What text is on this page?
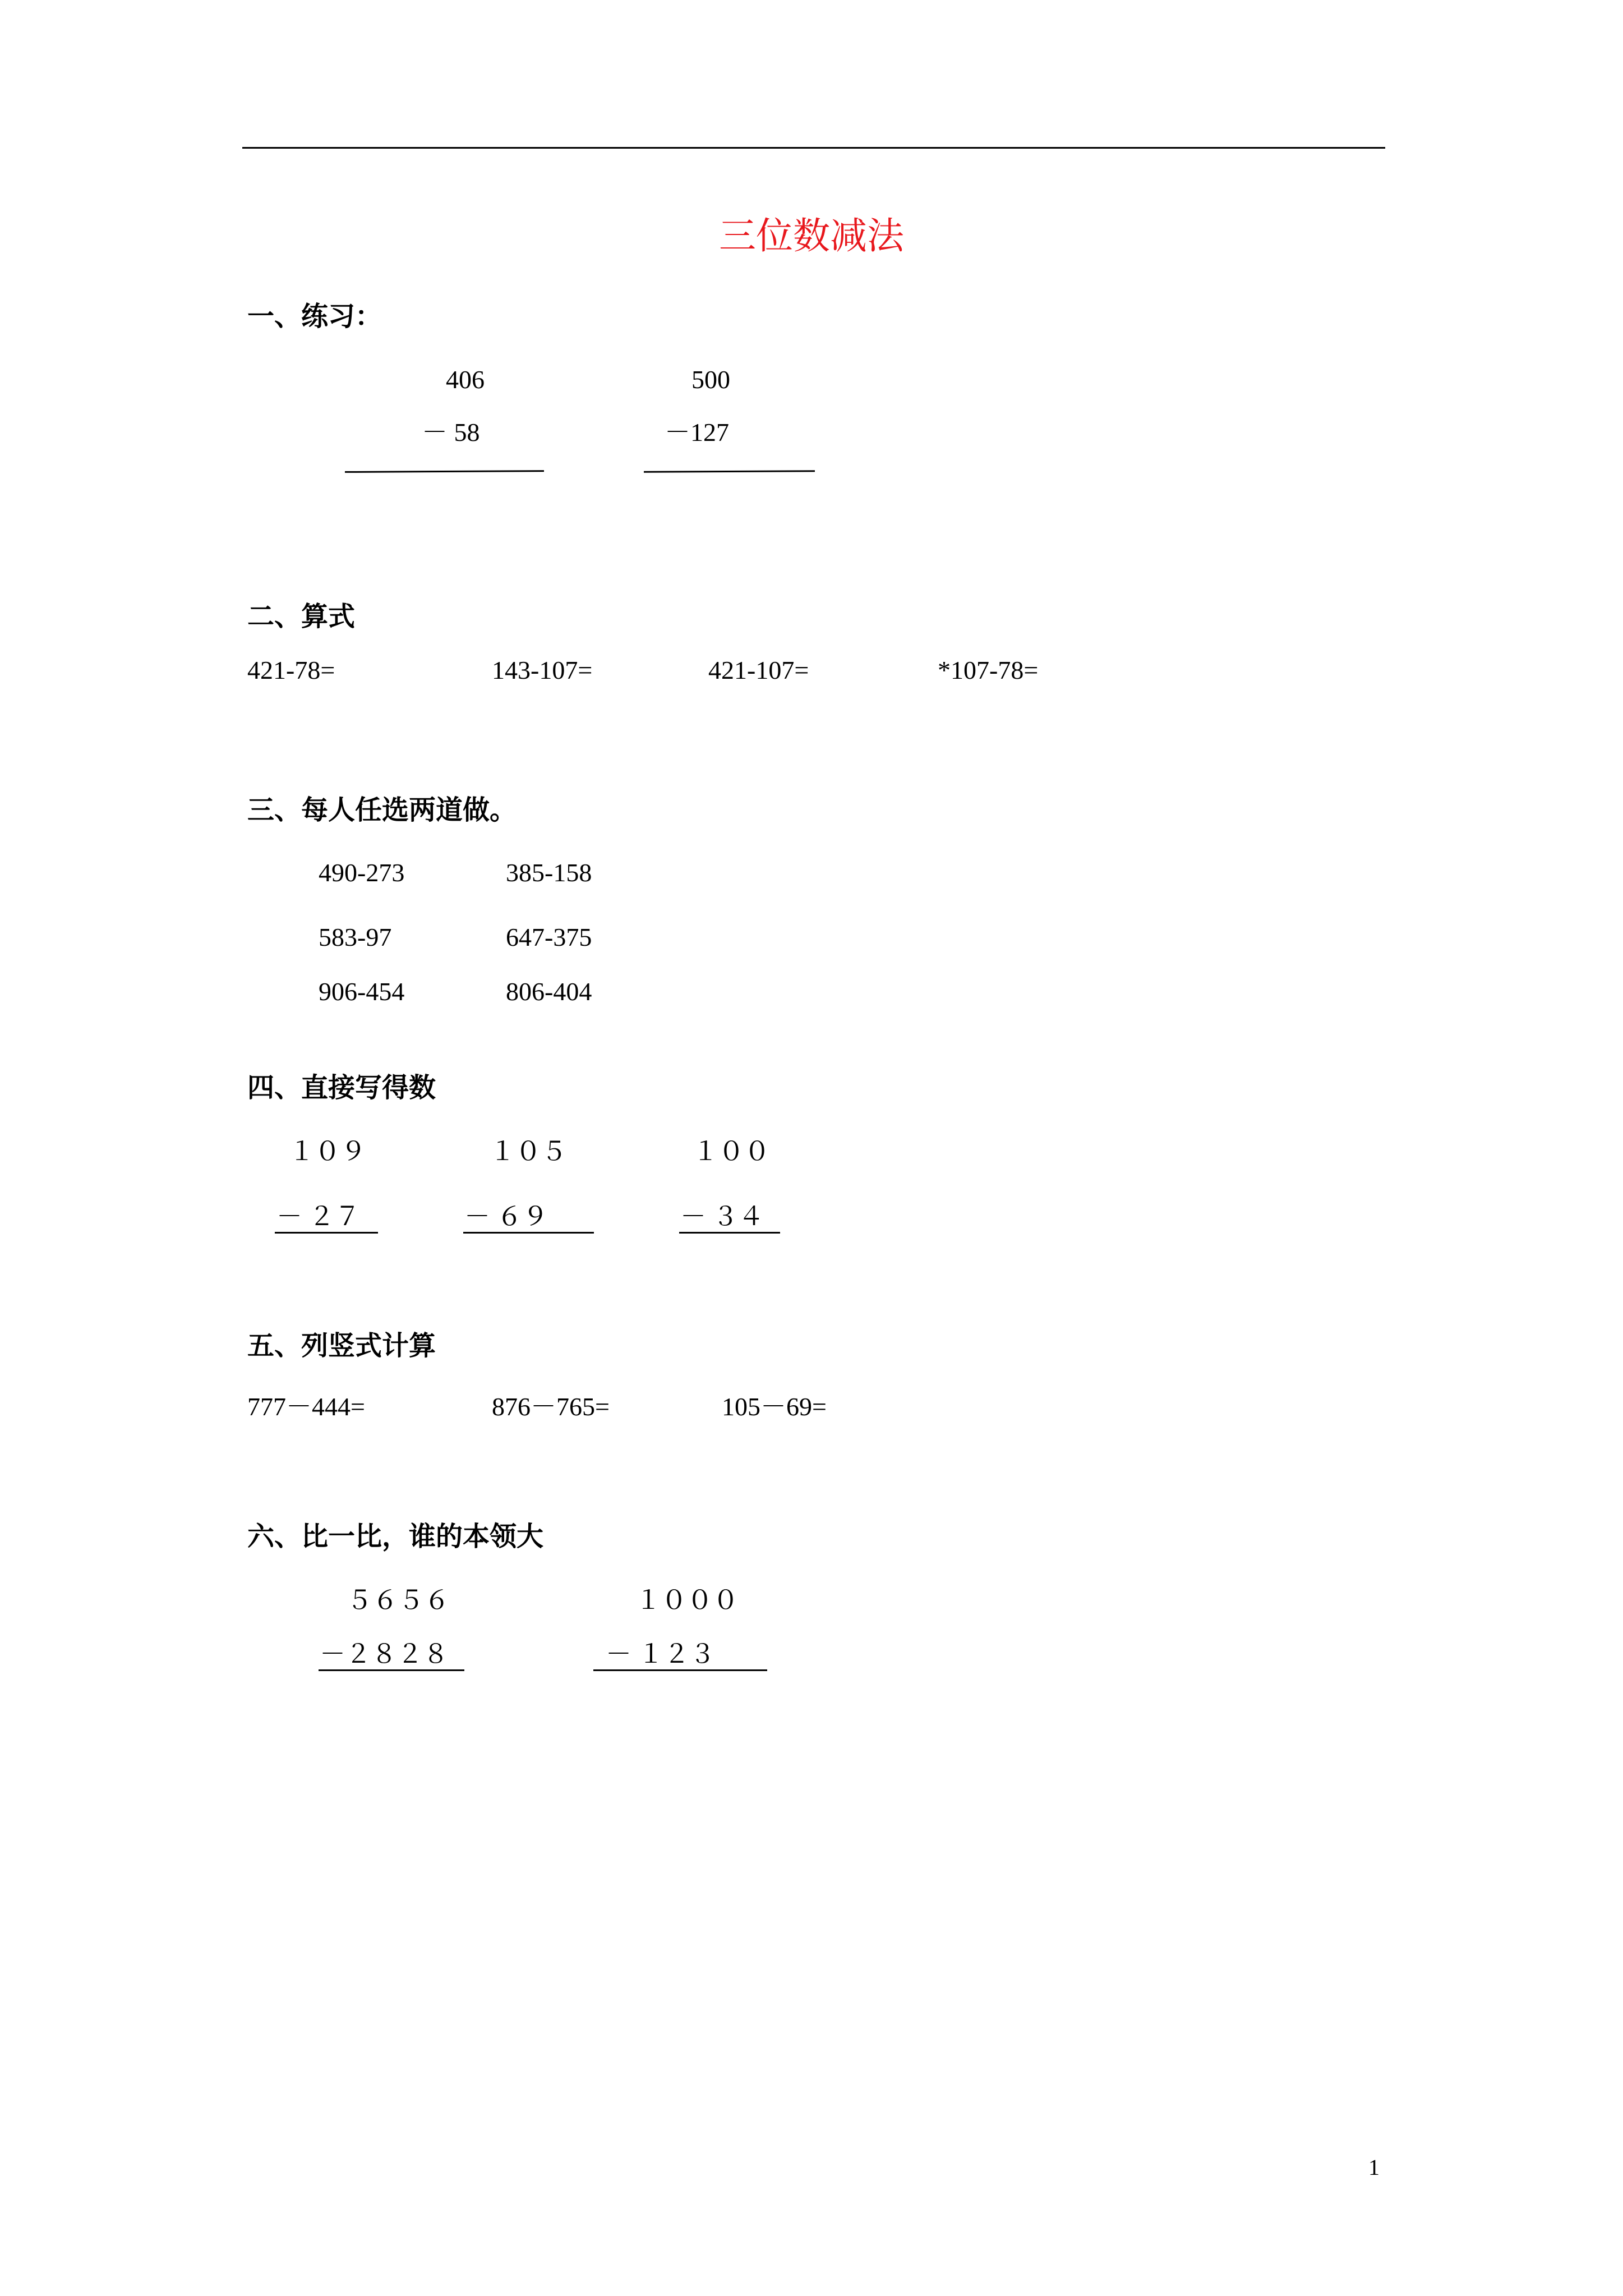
三位数减法
一、练习：
406
－ 58
500
－127
二、算式
421-78=	143-107=	421-107=	*107-78=
三、每人任选两道做。
490-273	385-158
583-97	647-375
906-454	806-404
四、直接写得数
１０９
－ ２７
１０５
－ ６９
１００
－ ３４
五、列竖式计算
777－444=	876－765=	105－69=
六、比一比，谁的本领大
５６５６
－２８２８
１０００
－ １２３
1
